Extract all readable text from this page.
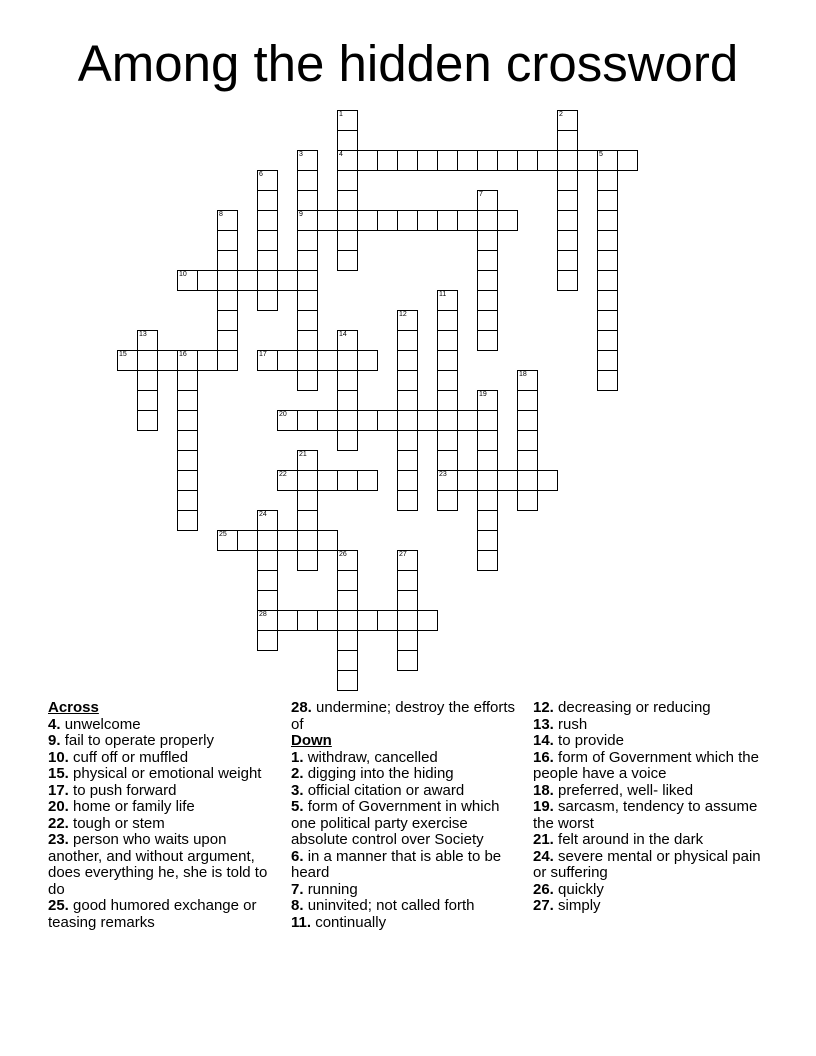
Among the hidden crossword
1
4
2
3
9
5
6
7
8
10
11
23
12
13	14
15	16	17
18
19
20
21
22
24
28
25
26	27
Across
4. unwelcome
9. fail to operate properly
10. cuff off or muffled
15. physical or emotional weight
17. to push forward
20. home or family life
22. tough or stem
23. person who waits upon another, and without argument, does everything he, she is told to do
25. good humored exchange or teasing remarks
28. undermine; destroy the efforts of
Down
1. withdraw, cancelled
2. digging into the hiding
3. official citation or award
5. form of Government in which one political party exercise absolute control over Society
6. in a manner that is able to be heard
7. running
8. uninvited; not called forth
11. continually
12. decreasing or reducing
13. rush
14. to provide
16. form of Government which the people have a voice
18. preferred, well- liked
19. sarcasm, tendency to assume the worst
21. felt around in the dark
24. severe mental or physical pain or suffering
26. quickly
27. simply
